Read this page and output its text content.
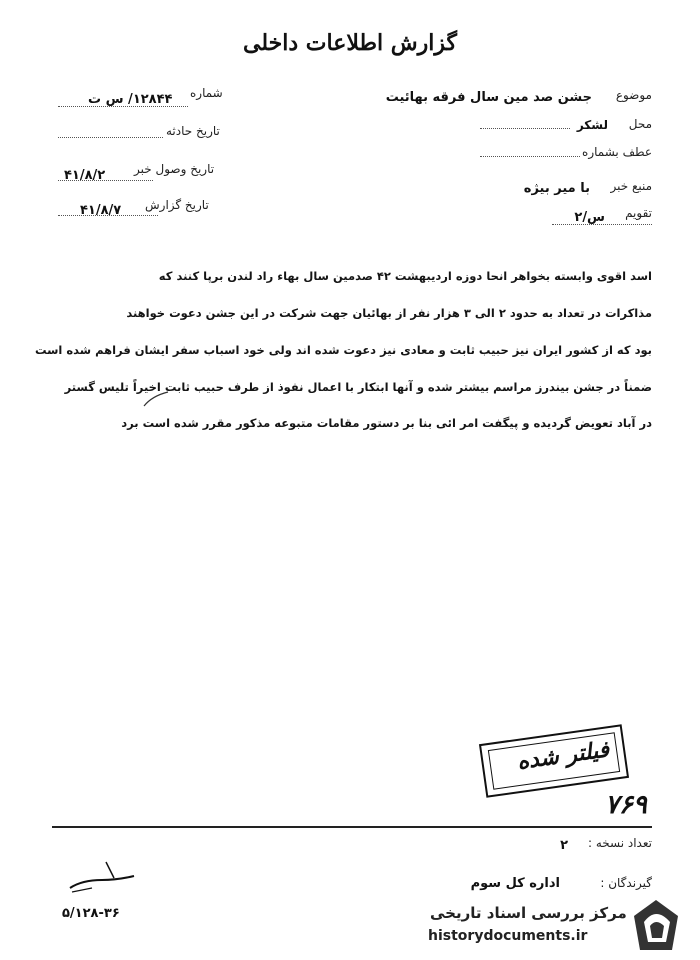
گزارش اطلاعات داخلی
موضوع
جشن صد مین سال فرقه بهائیت
محل
لشکر
عطف بشماره
منبع خبر
با میر بیژه
تقویم
س/۲
شماره
۱۲۸۴۴/ س ت
تاریخ حادثه
تاریخ وصول خبر
۴۱/۸/۲
تاریخ گزارش
۴۱/۸/۷
اسد اقوی وابسته بخواهر انحا دوزه اردیبهشت ۴۲ صدمین سال بهاء راد لندن برپا کنند که
مذاکرات در تعداد به حدود ۲ الی ۳ هزار نفر از بهائیان جهت شرکت در این جشن دعوت خواهند
بود که از کشور ایران نیز حبیب ثابت و معادی نیز دعوت شده اند ولی خود اسباب سفر ایشان فراهم شده است
ضمناً در جشن بیندرز مراسم بیشتر شده و آنها ابتکار با اعمال نفوذ از طرف حبیب ثابت اخیراً تلیس گستر
در آباد تعویض گردیده و پیگفت امر ائی بنا بر دستور مقامات متبوعه مذکور مقرر شده است برد
فیلتر شده
۷۶۹
تعداد نسخه :
۲
گیرندگان :
اداره کل سوم
۵/۱۲۸-۳۶	مرکز بررسی اسناد تاریخی
historydocuments.ir
